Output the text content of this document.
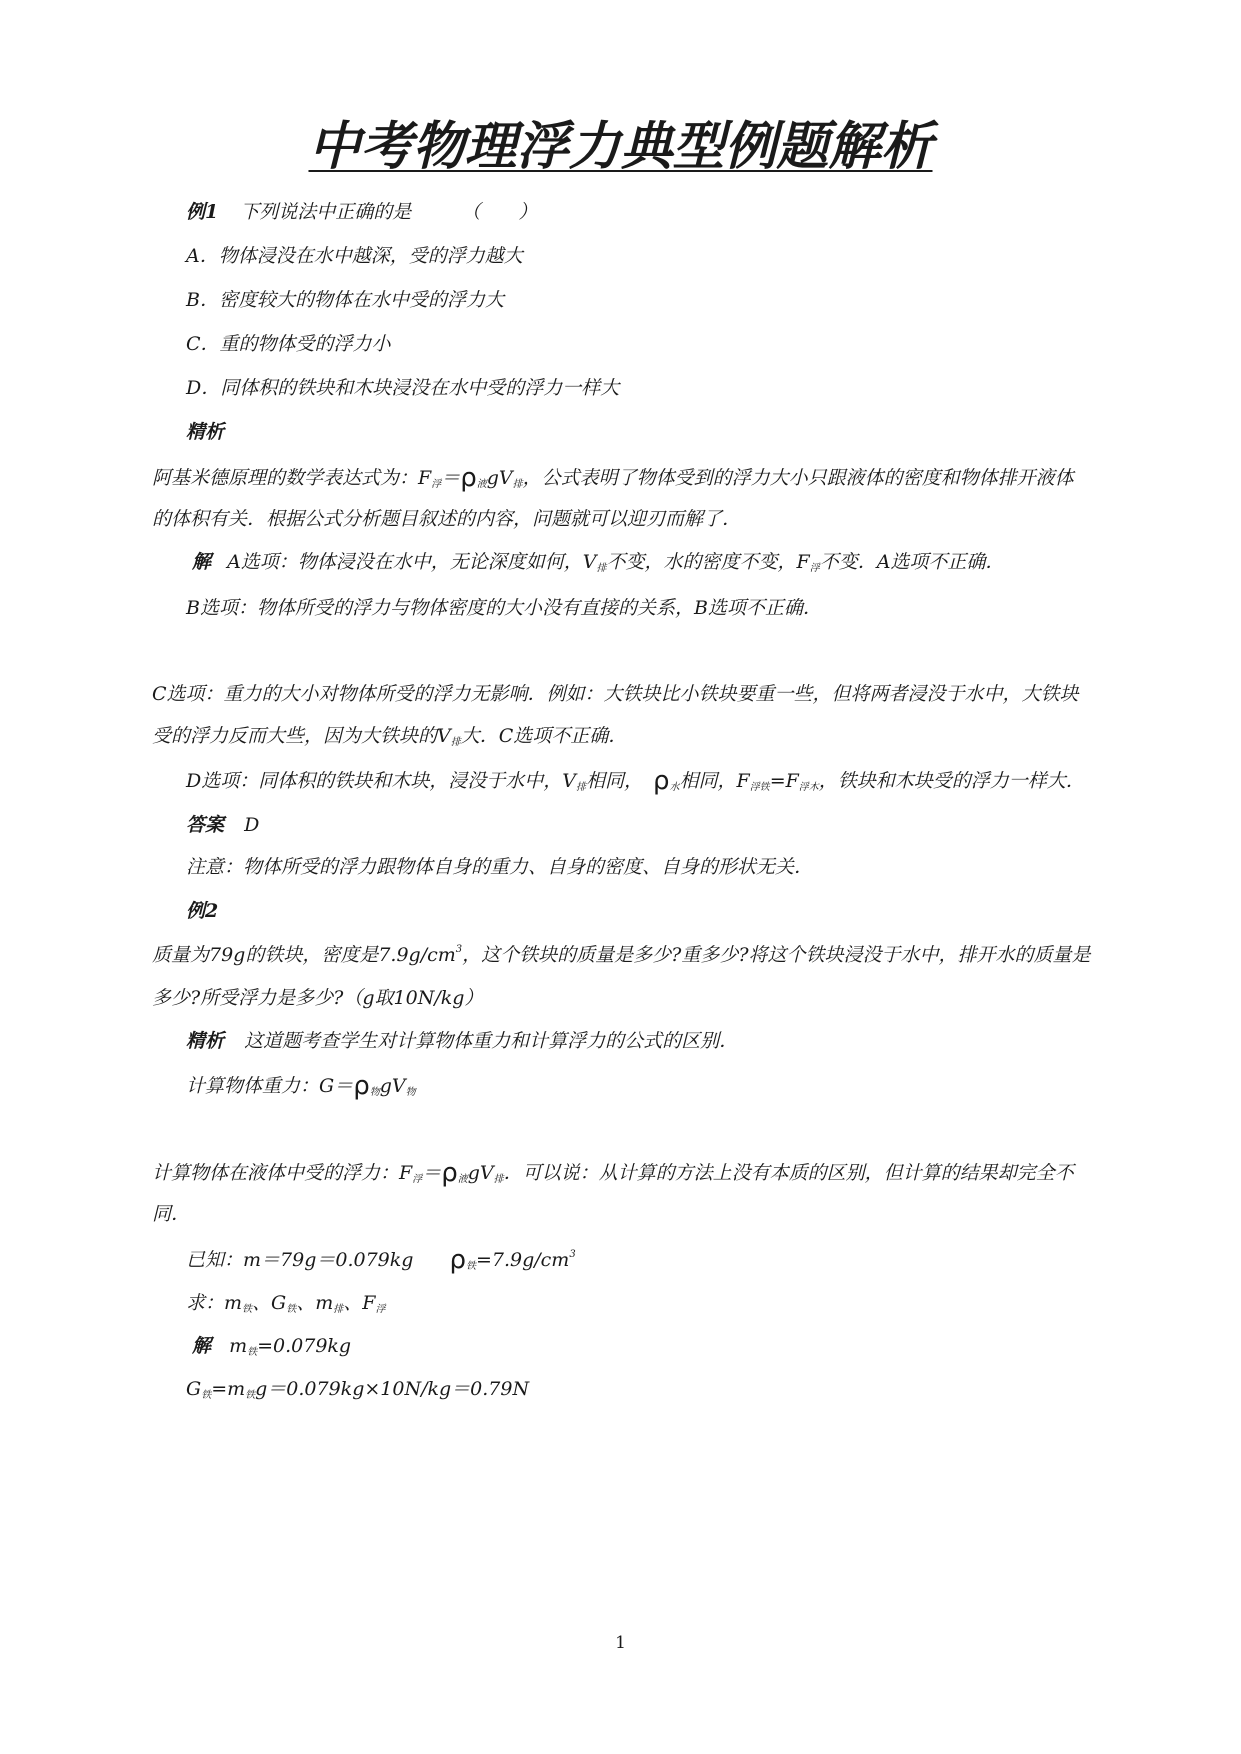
中考物理浮力典型例题解析
例1 下列说法中正确的是	（　　）
A．物体浸没在水中越深，受的浮力越大
B．密度较大的物体在水中受的浮力大
C．重的物体受的浮力小
D．同体积的铁块和木块浸没在水中受的浮力一样大
精析
阿基米德原理的数学表达式为：$F_浮=\rho_液gV_排$，公式表明了物体受到的浮力大小只跟液体的密度和物体排开液体
的体积有关．根据公式分析题目叙述的内容，问题就可以迎刃而解了．
解 A选项：物体浸没在水中，无论深度如何，$V_排$不变，水的密度不变，$F_浮$不变．A选项不正确．
B选项：物体所受的浮力与物体密度的大小没有直接的关系，B选项不正确．
C选项：重力的大小对物体所受的浮力无影响．例如：大铁块比小铁块要重一些，但将两者浸没于水中，大铁块
受的浮力反而大些，因为大铁块的$V_排$大．C选项不正确．
D选项：同体积的铁块和木块，浸没于水中，$V_排$相同， $\rho_水$相同，$F_{浮铁}=F_{浮木}$，铁块和木块受的浮力一样大．
答案 D
注意：物体所受的浮力跟物体自身的重力、自身的密度、自身的形状无关．
例2
质量为79g的铁块，密度是$7.9g/cm^3$，这个铁块的质量是多少?重多少?将这个铁块浸没于水中，排开水的质量是
多少?所受浮力是多少?（g取10N/kg）
精析 这道题考查学生对计算物体重力和计算浮力的公式的区别．
计算物体重力：$G=\rho_物gV_物$
计算物体在液体中受的浮力：$F_浮=\rho_液gV_排$．可以说：从计算的方法上没有本质的区别，但计算的结果却完全不
同．
已知：m＝79g＝0.079kg $\rho_铁=7.9g/cm^3$
求：$m_铁$、$G_铁$、$m_排$、$F_浮$
解 $m_铁=0.079kg$
$G_铁=m_铁g=0.079kg\times 10N/kg=0.79N$
1
